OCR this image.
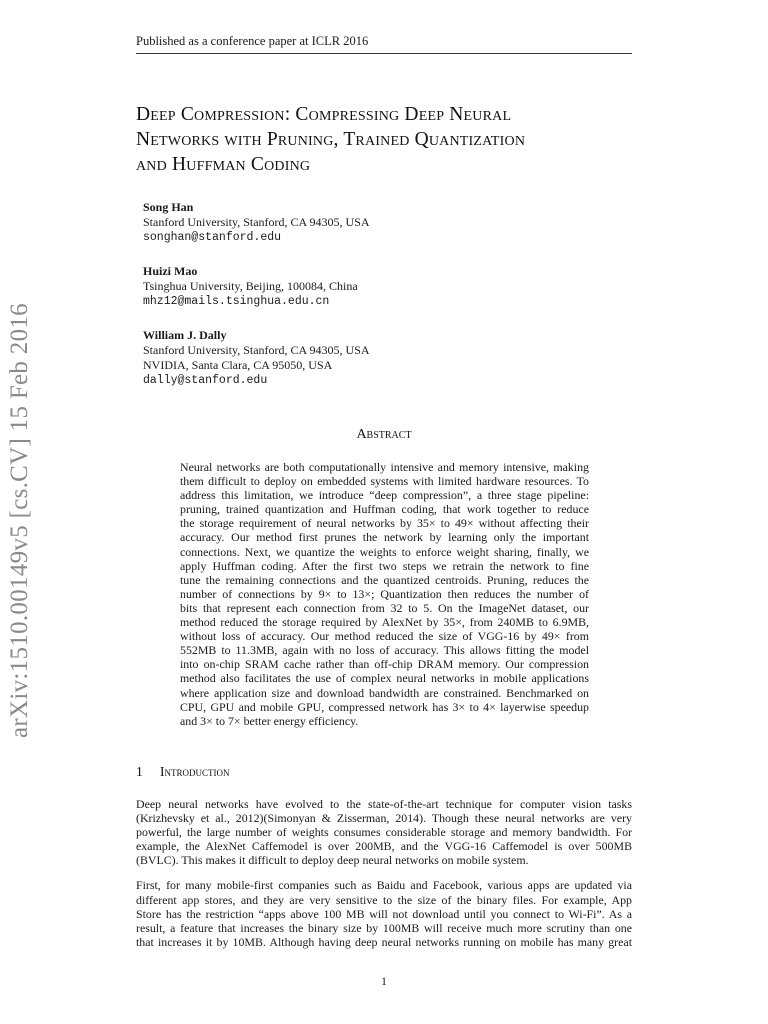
Published as a conference paper at ICLR 2016
arXiv:1510.00149v5 [cs.CV] 15 Feb 2016
Deep Compression: Compressing Deep Neural
Networks with Pruning, Trained Quantization
and Huffman Coding
Song Han
Stanford University, Stanford, CA 94305, USA
songhan@stanford.edu
Huizi Mao
Tsinghua University, Beijing, 100084, China
mhz12@mails.tsinghua.edu.cn
William J. Dally
Stanford University, Stanford, CA 94305, USA
NVIDIA, Santa Clara, CA 95050, USA
dally@stanford.edu
Abstract
Neural networks are both computationally intensive and memory intensive, making
them difficult to deploy on embedded systems with limited hardware resources. To
address this limitation, we introduce “deep compression”, a three stage pipeline:
pruning, trained quantization and Huffman coding, that work together to reduce
the storage requirement of neural networks by 35× to 49× without affecting their
accuracy. Our method first prunes the network by learning only the important
connections. Next, we quantize the weights to enforce weight sharing, finally, we
apply Huffman coding. After the first two steps we retrain the network to fine
tune the remaining connections and the quantized centroids. Pruning, reduces the
number of connections by 9× to 13×; Quantization then reduces the number of
bits that represent each connection from 32 to 5. On the ImageNet dataset, our
method reduced the storage required by AlexNet by 35×, from 240MB to 6.9MB,
without loss of accuracy. Our method reduced the size of VGG-16 by 49× from
552MB to 11.3MB, again with no loss of accuracy. This allows fitting the model
into on-chip SRAM cache rather than off-chip DRAM memory. Our compression
method also facilitates the use of complex neural networks in mobile applications
where application size and download bandwidth are constrained. Benchmarked on
CPU, GPU and mobile GPU, compressed network has 3× to 4× layerwise speedup
and 3× to 7× better energy efficiency.
1 Introduction

Deep neural networks have evolved to the state-of-the-art technique for computer vision tasks
(Krizhevsky et al., 2012)(Simonyan & Zisserman, 2014). Though these neural networks are very
powerful, the large number of weights consumes considerable storage and memory bandwidth. For
example, the AlexNet Caffemodel is over 200MB, and the VGG-16 Caffemodel is over 500MB
(BVLC). This makes it difficult to deploy deep neural networks on mobile system.

First, for many mobile-first companies such as Baidu and Facebook, various apps are updated via
different app stores, and they are very sensitive to the size of the binary files. For example, App
Store has the restriction “apps above 100 MB will not download until you connect to Wi-Fi”. As a
result, a feature that increases the binary size by 100MB will receive much more scrutiny than one
that increases it by 10MB. Although having deep neural networks running on mobile has many great

1
